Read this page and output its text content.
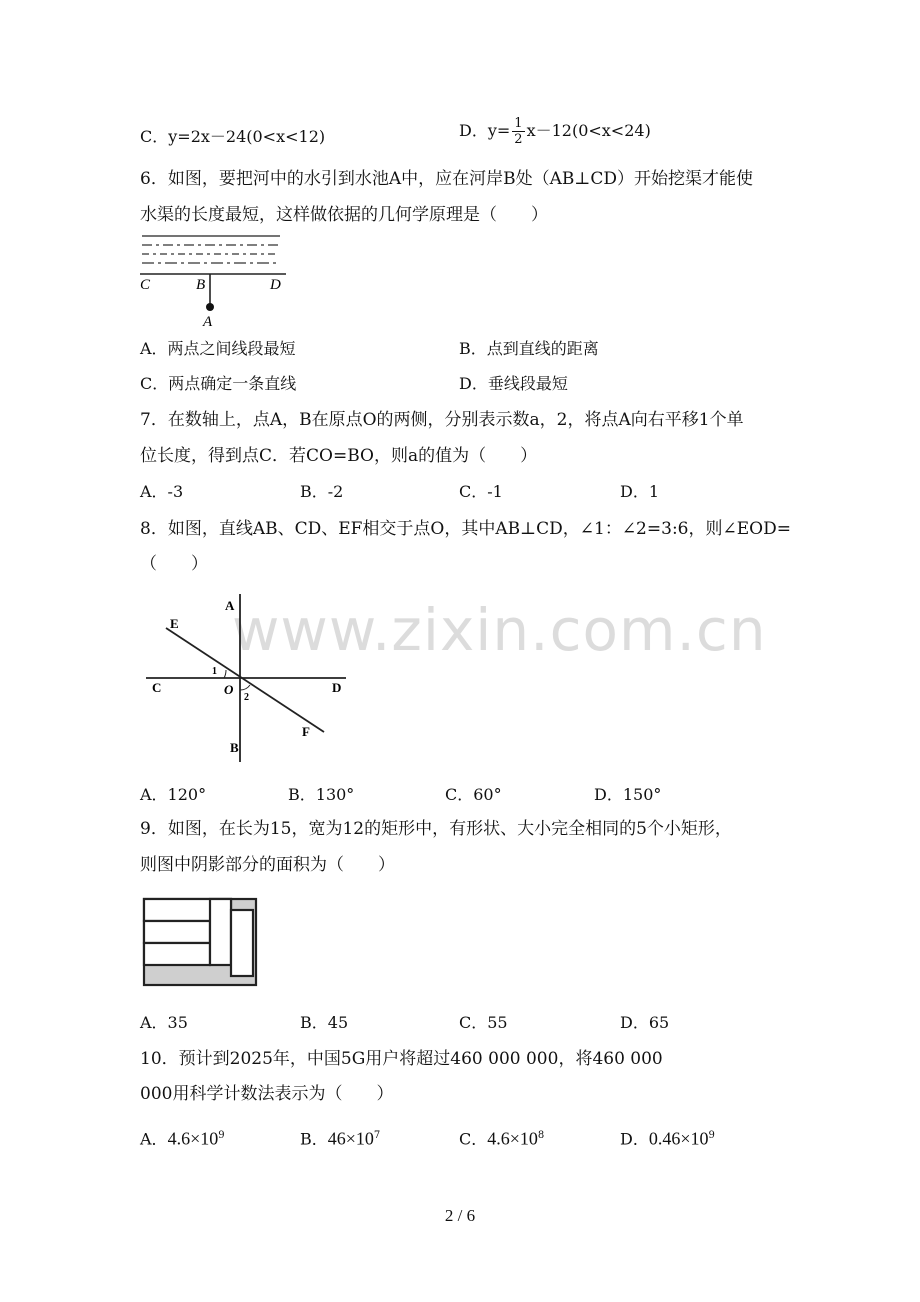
C．y=2x－24(0<x<12)	D．$y= \frac{1}{2} x-12(0<x<24)$
6．如图，要把河中的水引到水池A中，应在河岸B处（AB⊥CD）开始挖渠才能使
水渠的长度最短，这样做依据的几何学原理是（　　）
C	B	D
A
A．两点之间线段最短	B．点到直线的距离
C．两点确定一条直线	D．垂线段最短
7．在数轴上，点A，B在原点O的两侧，分别表示数a，2，将点A向右平移1个单
位长度，得到点C．若CO=BO，则a的值为（　　）
A．-3	B．-2	C．-1	D．1
8．如图，直线AB、CD、EF相交于点O，其中AB⊥CD，∠1：∠2=3:6，则∠EOD=
（　　）
www.zixin.com.cn
A
B
C	D
E
F
O
1
2
A．120°	B．130°	C．60°	D．150°
9．如图，在长为15，宽为12的矩形中，有形状、大小完全相同的5个小矩形，
则图中阴影部分的面积为（　　）
A．35	B．45	C．55	D．65
10．预计到2025年，中国5G用户将超过460 000 000，将460 000
000用科学计数法表示为（　　）
A．$4.6\times 10^9$	B．$46\times 10^7$	C．$4.6\times 10^8$	D．$0.46\times 10^9$
2 / 6
